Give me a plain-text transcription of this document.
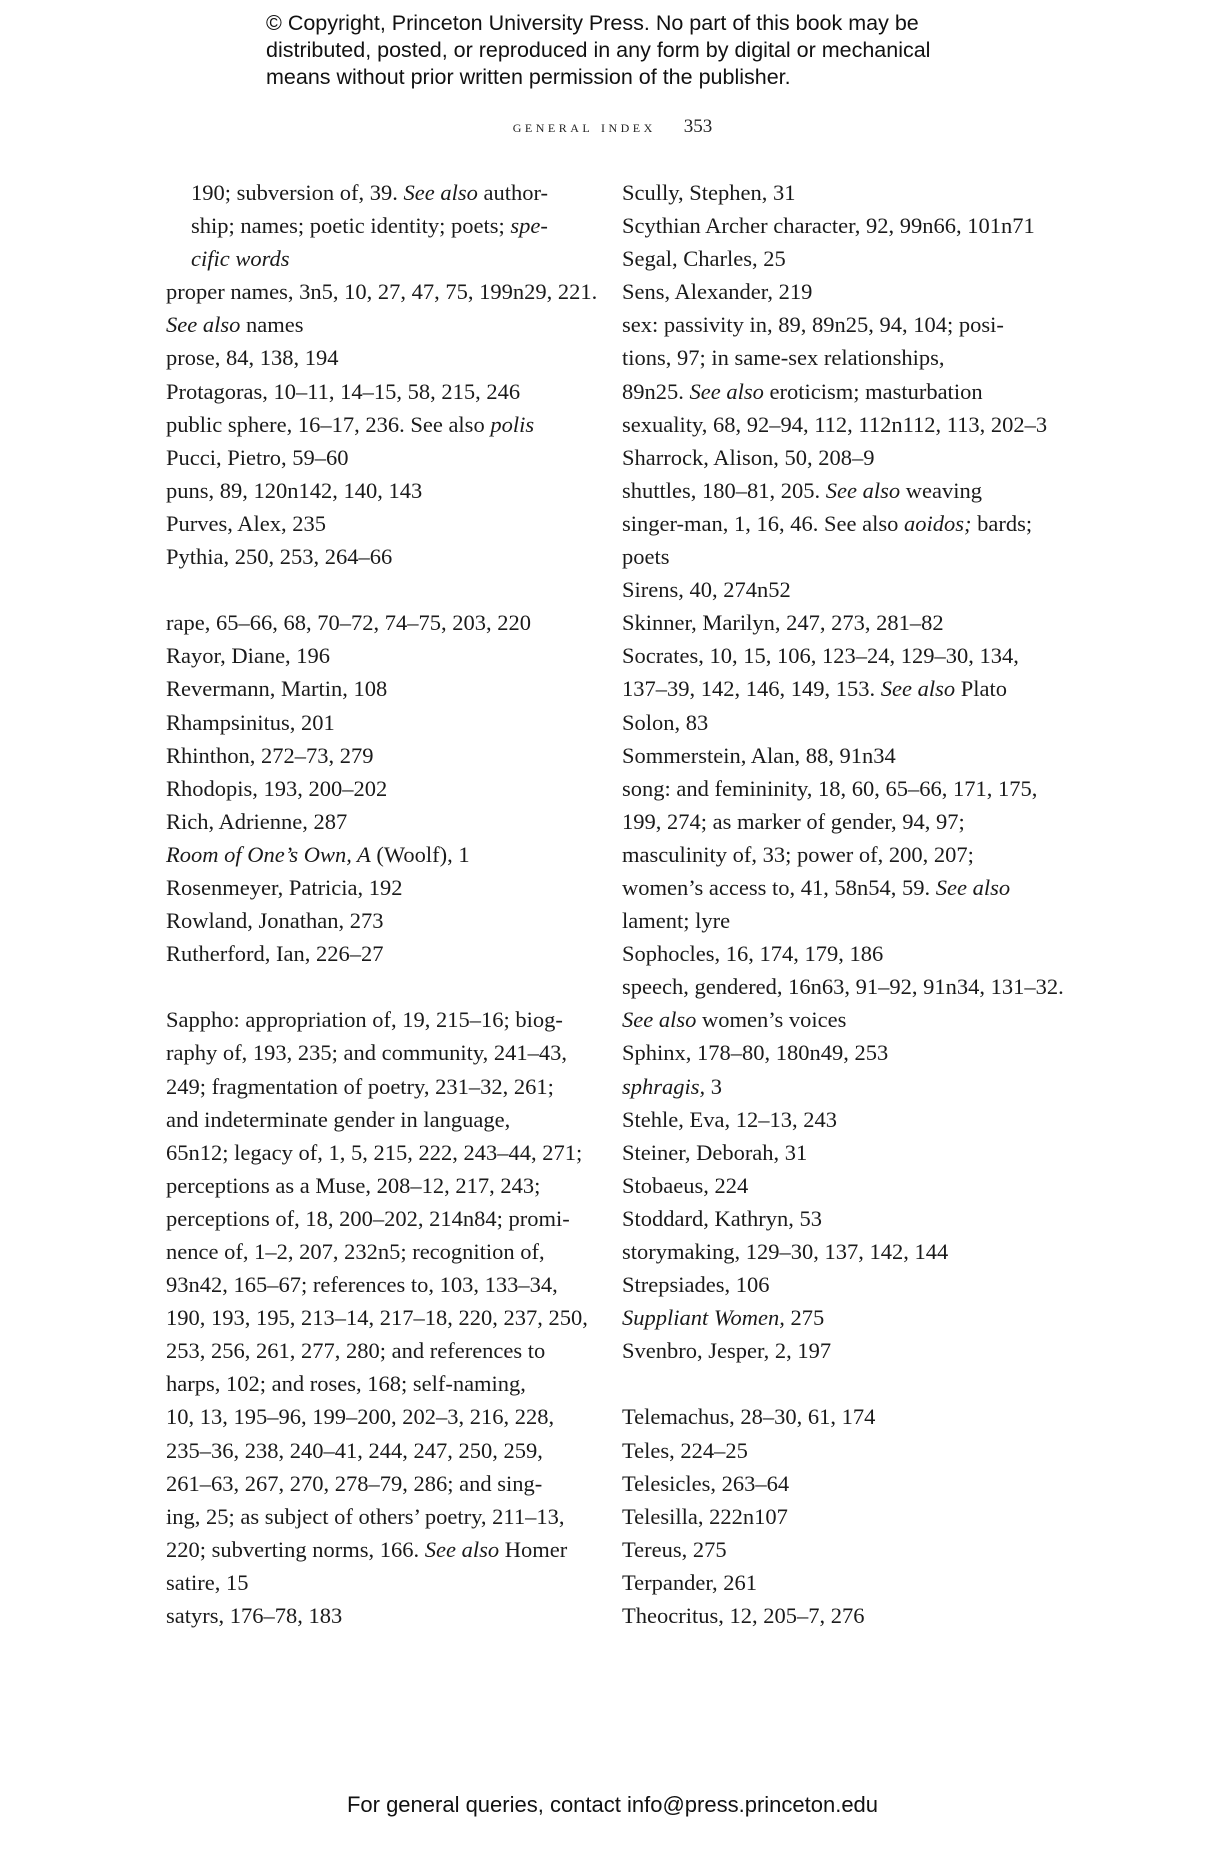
© Copyright, Princeton University Press. No part of this book may be
distributed, posted, or reproduced in any form by digital or mechanical
means without prior written permission of the publisher.
general index 353
190; subversion of, 39. See also author-
ship; names; poetic identity; poets; spe-
cific words
proper names, 3n5, 10, 27, 47, 75, 199n29, 221.
See also names
prose, 84, 138, 194
Protagoras, 10–11, 14–15, 58, 215, 246
public sphere, 16–17, 236. See also polis
Pucci, Pietro, 59–60
puns, 89, 120n142, 140, 143
Purves, Alex, 235
Pythia, 250, 253, 264–66
rape, 65–66, 68, 70–72, 74–75, 203, 220
Rayor, Diane, 196
Revermann, Martin, 108
Rhampsinitus, 201
Rhinthon, 272–73, 279
Rhodopis, 193, 200–202
Rich, Adrienne, 287
Room of One’s Own, A (Woolf), 1
Rosenmeyer, Patricia, 192
Rowland, Jonathan, 273
Rutherford, Ian, 226–27
Sappho: appropriation of, 19, 215–16; biog-
raphy of, 193, 235; and community, 241–43,
249; fragmentation of poetry, 231–32, 261;
and indeterminate gender in language,
65n12; legacy of, 1, 5, 215, 222, 243–44, 271;
perceptions as a Muse, 208–12, 217, 243;
perceptions of, 18, 200–202, 214n84; promi-
nence of, 1–2, 207, 232n5; recognition of,
93n42, 165–67; references to, 103, 133–34,
190, 193, 195, 213–14, 217–18, 220, 237, 250,
253, 256, 261, 277, 280; and references to
harps, 102; and roses, 168; self-naming,
10, 13, 195–96, 199–200, 202–3, 216, 228,
235–36, 238, 240–41, 244, 247, 250, 259,
261–63, 267, 270, 278–79, 286; and sing-
ing, 25; as subject of others’ poetry, 211–13,
220; subverting norms, 166. See also Homer
satire, 15
satyrs, 176–78, 183
Scully, Stephen, 31
Scythian Archer character, 92, 99n66, 101n71
Segal, Charles, 25
Sens, Alexander, 219
sex: passivity in, 89, 89n25, 94, 104; posi-
tions, 97; in same-sex relationships,
89n25. See also eroticism; masturbation
sexuality, 68, 92–94, 112, 112n112, 113, 202–3
Sharrock, Alison, 50, 208–9
shuttles, 180–81, 205. See also weaving
singer-man, 1, 16, 46. See also aoidos; bards;
poets
Sirens, 40, 274n52
Skinner, Marilyn, 247, 273, 281–82
Socrates, 10, 15, 106, 123–24, 129–30, 134,
137–39, 142, 146, 149, 153. See also Plato
Solon, 83
Sommerstein, Alan, 88, 91n34
song: and femininity, 18, 60, 65–66, 171, 175,
199, 274; as marker of gender, 94, 97;
masculinity of, 33; power of, 200, 207;
women’s access to, 41, 58n54, 59. See also
lament; lyre
Sophocles, 16, 174, 179, 186
speech, gendered, 16n63, 91–92, 91n34, 131–32.
See also women’s voices
Sphinx, 178–80, 180n49, 253
sphragis, 3
Stehle, Eva, 12–13, 243
Steiner, Deborah, 31
Stobaeus, 224
Stoddard, Kathryn, 53
storymaking, 129–30, 137, 142, 144
Strepsiades, 106
Suppliant Women, 275
Svenbro, Jesper, 2, 197
Telemachus, 28–30, 61, 174
Teles, 224–25
Telesicles, 263–64
Telesilla, 222n107
Tereus, 275
Terpander, 261
Theocritus, 12, 205–7, 276
For general queries, contact info@press.princeton.edu
